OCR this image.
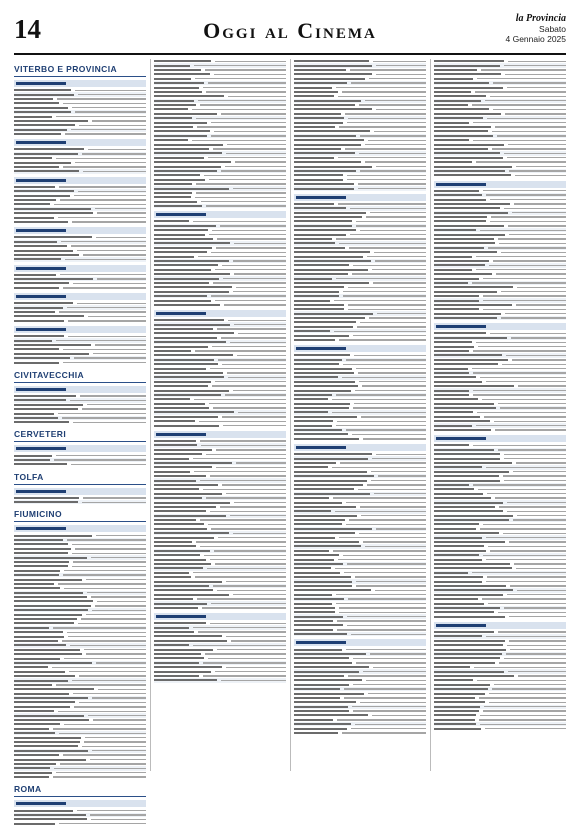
14	Oggi al Cinema	la Provincia
Sabato
4 Gennaio 2025
VITERBO E PROVINCIA
CIVITAVECCHIA
CERVETERI
TOLFA
FIUMICINO
ROMA
